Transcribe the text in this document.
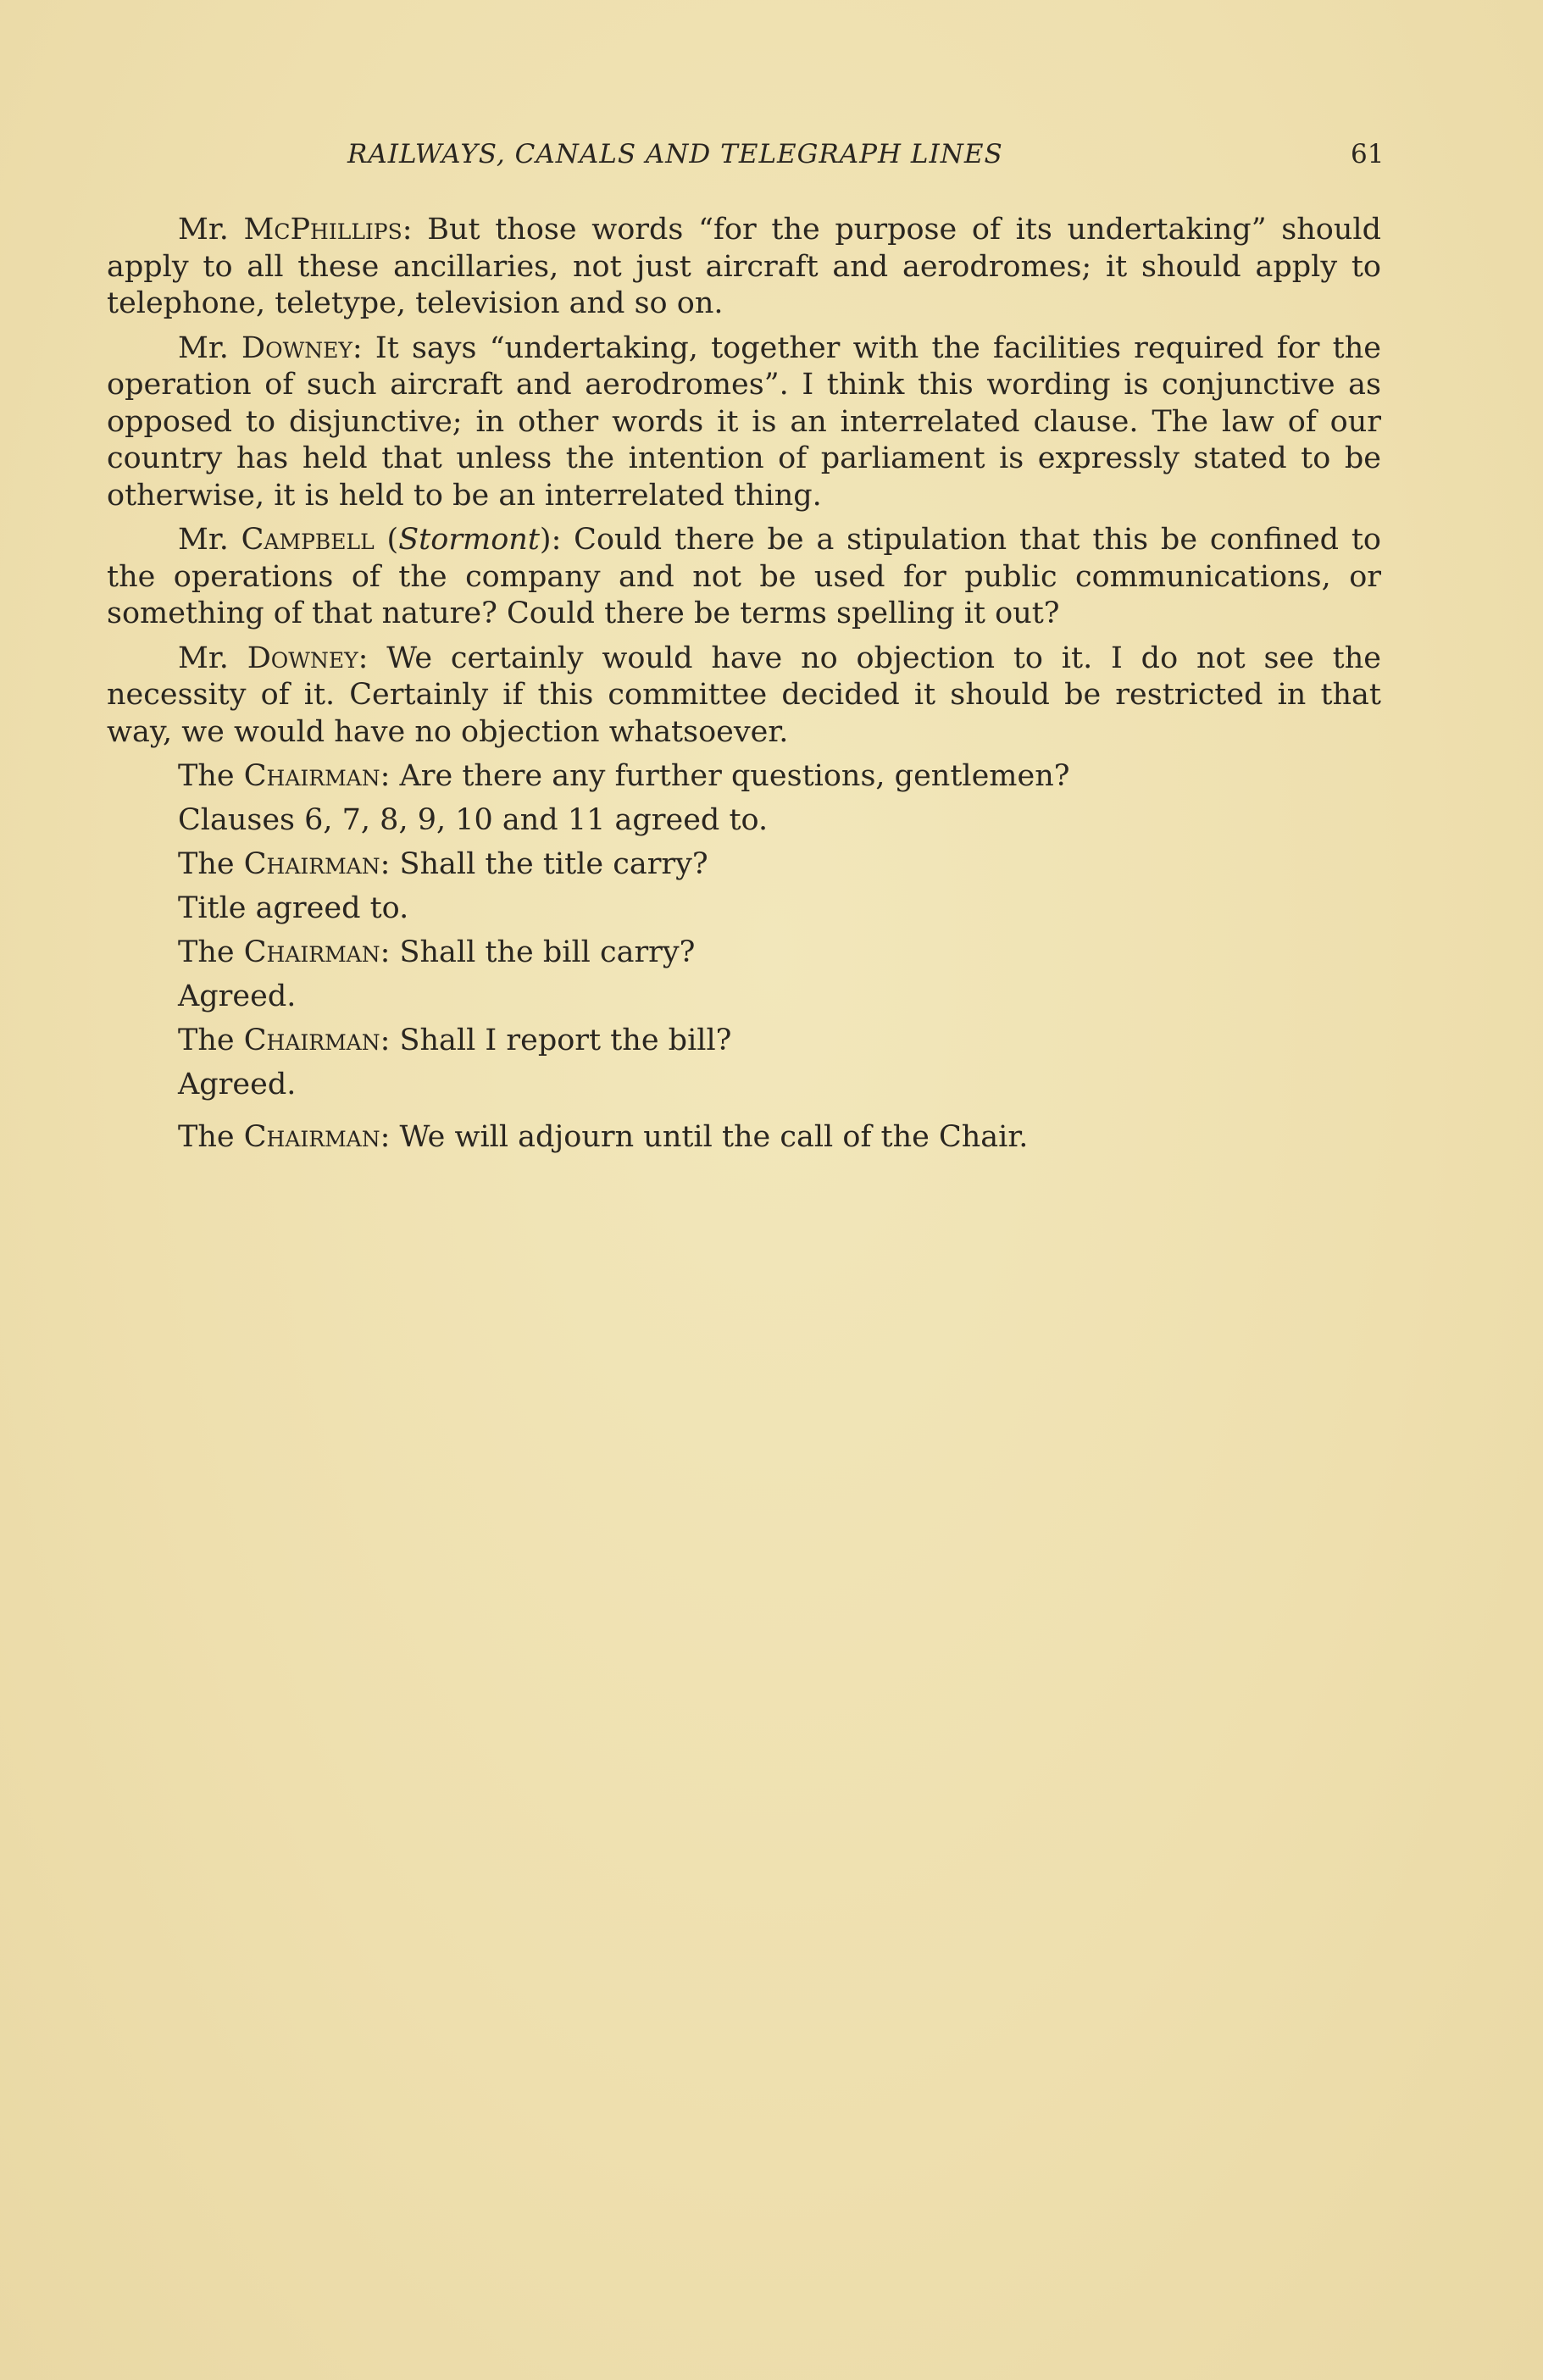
RAILWAYS, CANALS AND TELEGRAPH LINES	61

Mr. McPhillips: But those words “for the purpose of its undertaking” should apply to all these ancillaries, not just aircraft and aerodromes; it should apply to telephone, teletype, television and so on.

Mr. Downey: It says “undertaking, together with the facilities required for the operation of such aircraft and aerodromes”. I think this wording is conjunctive as opposed to disjunctive; in other words it is an interrelated clause. The law of our country has held that unless the intention of parliament is expressly stated to be otherwise, it is held to be an interrelated thing.

Mr. Campbell (Stormont): Could there be a stipulation that this be confined to the operations of the company and not be used for public communications, or something of that nature? Could there be terms spelling it out?

Mr. Downey: We certainly would have no objection to it. I do not see the necessity of it. Certainly if this committee decided it should be restricted in that way, we would have no objection whatsoever.

The Chairman: Are there any further questions, gentlemen?

Clauses 6, 7, 8, 9, 10 and 11 agreed to.

The Chairman: Shall the title carry?

Title agreed to.

The Chairman: Shall the bill carry?

Agreed.

The Chairman: Shall I report the bill?

Agreed.

The Chairman: We will adjourn until the call of the Chair.
